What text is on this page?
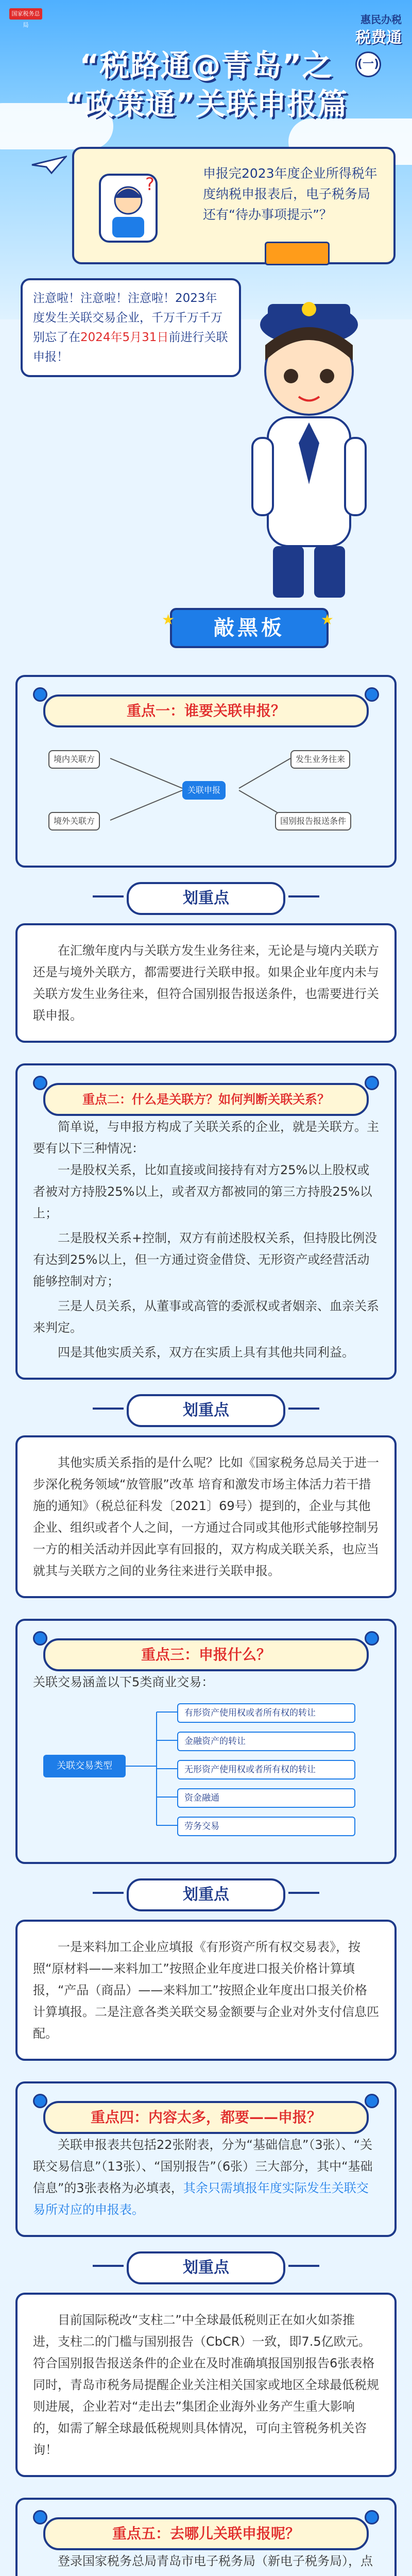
国家税务总局	惠民办税
税费通
“税路通@青岛”之
“政策通”关联申报篇
(一)
?
申报完2023年度企业所得税年度纳税申报表后，电子税务局还有“待办事项提示”？
注意啦！注意啦！注意啦！2023年度发生关联交易企业，千万千万千万别忘了在2024年5月31日前进行关联申报！
★ 敲黑板 ★
重点一：谁要关联申报？
境内关联方
境外关联方
关联申报
发生业务往来
国别报告报送条件
划重点

在汇缴年度内与关联方发生业务往来，无论是与境内关联方还是与境外关联方，都需要进行关联申报。如果企业年度内未与关联方发生业务往来，但符合国别报告报送条件，也需要进行关联申报。

重点二：什么是关联方？如何判断关联关系？

简单说，与申报方构成了关联关系的企业，就是关联方。主要有以下三种情况：

一是股权关系，比如直接或间接持有对方25%以上股权或者被对方持股25%以上，或者双方都被同的第三方持股25%以上；
二是股权关系+控制，双方有前述股权关系，但持股比例没有达到25%以上，但一方通过资金借贷、无形资产或经营活动能够控制对方；
三是人员关系，从董事或高管的委派权或者姻亲、血亲关系来判定。
四是其他实质关系，双方在实质上具有其他共同利益。
划重点

其他实质关系指的是什么呢？比如《国家税务总局关于进一步深化税务领域“放管服”改革 培育和激发市场主体活力若干措施的通知》（税总征科发〔2021〕69号）提到的，企业与其他企业、组织或者个人之间，一方通过合同或其他形式能够控制另一方的相关活动并因此享有回报的，双方构成关联关系，也应当就其与关联方之间的业务往来进行关联申报。

重点三：申报什么？

关联交易涵盖以下5类商业交易：

关联交易类型
有形资产使用权或者所有权的转让
金融资产的转让
无形资产使用权或者所有权的转让
资金融通
劳务交易
划重点

一是来料加工企业应填报《有形资产所有权交易表》，按照“原材料——来料加工”按照企业年度进口报关价格计算填报，“产品（商品）——来料加工”按照企业年度出口报关价格计算填报。二是注意各类关联交易金额要与企业对外支付信息匹配。

重点四：内容太多，都要——申报？

关联申报表共包括22张附表，分为“基础信息”（3张）、“关联交易信息”（13张）、“国别报告”（6张）三大部分，其中“基础信息”的3张表格为必填表，其余只需填报年度实际发生关联交易所对应的申报表。

划重点

目前国际税改“支柱二”中全球最低税则正在如火如荼推进，支柱二的门槛与国别报告（CbCR）一致，即7.5亿欧元。符合国别报告报送条件的企业在及时准确填报国别报告6张表格同时，青岛市税务局提醒企业关注相关国家或地区全球最低税规则进展，企业若对“走出去”集团企业海外业务产生重大影响的，如需了解全球最低税规则具体情况，可向主管税务机关咨询！

重点五：去哪儿关联申报呢？

登录国家税务总局青岛市电子税务局（新电子税务局），点
